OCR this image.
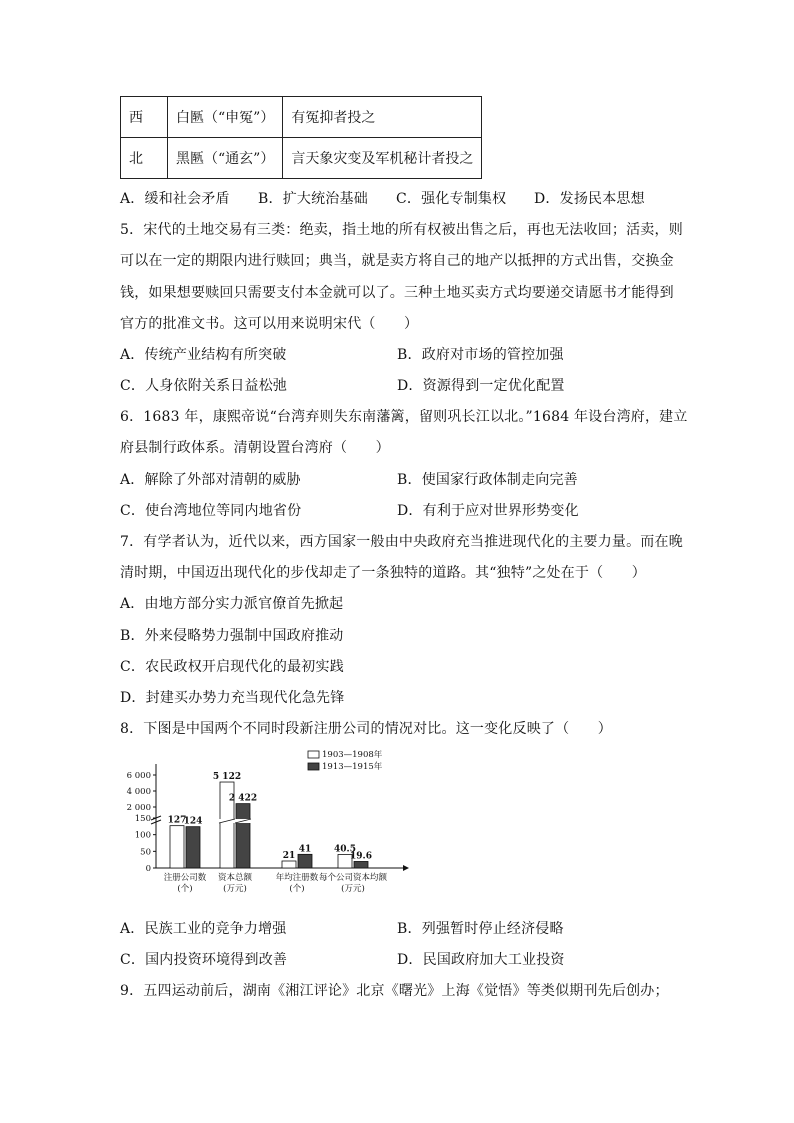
西	白匦（“申冤”）	有冤抑者投之
北	黑匦（“通玄”）	言天象灾变及军机秘计者投之
A．缓和社会矛盾 B．扩大统治基础 C．强化专制集权 D．发扬民本思想
5．宋代的土地交易有三类：绝卖，指土地的所有权被出售之后，再也无法收回；活卖，则
可以在一定的期限内进行赎回；典当，就是卖方将自己的地产以抵押的方式出售，交换金
钱，如果想要赎回只需要支付本金就可以了。三种土地买卖方式均要递交请愿书才能得到
官方的批准文书。这可以用来说明宋代（　　）
A．传统产业结构有所突破	B．政府对市场的管控加强
C．人身依附关系日益松弛	D．资源得到一定优化配置
6．1683 年，康熙帝说“台湾弃则失东南藩篱，留则巩长江以北。”1684 年设台湾府，建立
府县制行政体系。清朝设置台湾府（　　）
A．解除了外部对清朝的威胁	B．使国家行政体制走向完善
C．使台湾地位等同内地省份	D．有利于应对世界形势变化
7．有学者认为，近代以来，西方国家一般由中央政府充当推进现代化的主要力量。而在晚
清时期，中国迈出现代化的步伐却走了一条独特的道路。其“独特”之处在于（　　）
A．由地方部分实力派官僚首先掀起
B．外来侵略势力强制中国政府推动
C．农民政权开启现代化的最初实践
D．封建买办势力充当现代化急先锋
8．下图是中国两个不同时段新注册公司的情况对比。这一变化反映了（　　）
6 000
4 000
2 000
150
100
50
0
1903—1908年
1913—1915年
127
124
注册公司数
(个)
5 122
2 422
资本总额
(万元)
21
41
年均注册数
(个)
40.5
19.6
每个公司资本均额
(万元)
A．民族工业的竞争力增强	B．列强暂时停止经济侵略
C．国内投资环境得到改善	D．民国政府加大工业投资
9．五四运动前后，湖南《湘江评论》北京《曙光》上海《觉悟》等类似期刊先后创办；
